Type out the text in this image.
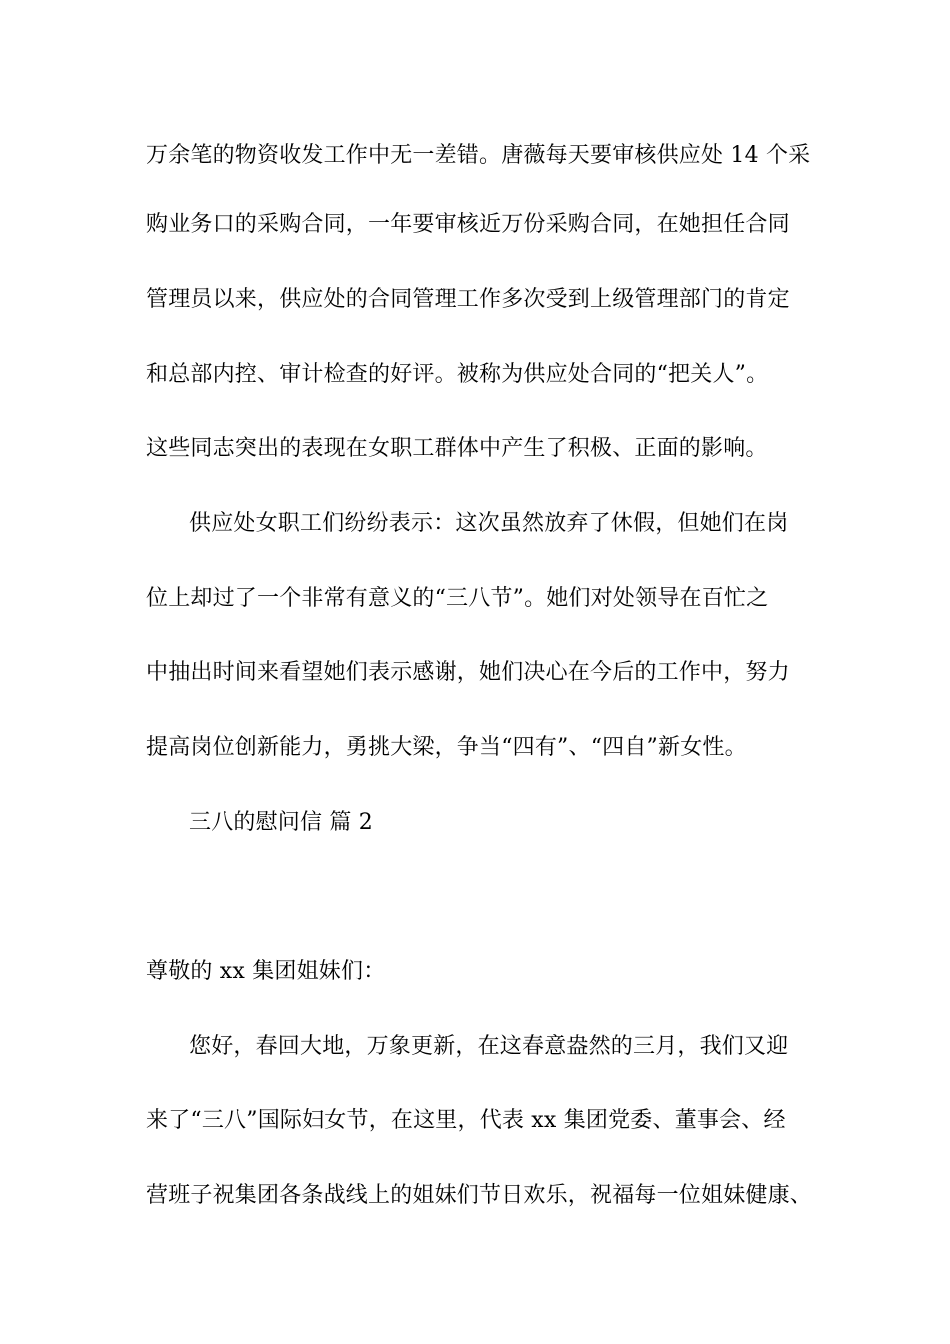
万余笔的物资收发工作中无一差错。唐薇每天要审核供应处 14 个采
购业务口的采购合同，一年要审核近万份采购合同，在她担任合同
管理员以来，供应处的合同管理工作多次受到上级管理部门的肯定
和总部内控、审计检查的好评。被称为供应处合同的“把关人”。
这些同志突出的表现在女职工群体中产生了积极、正面的影响。
供应处女职工们纷纷表示：这次虽然放弃了休假，但她们在岗
位上却过了一个非常有意义的“三八节”。她们对处领导在百忙之
中抽出时间来看望她们表示感谢，她们决心在今后的工作中，努力
提高岗位创新能力，勇挑大梁，争当“四有”、“四自”新女性。
三八的慰问信 篇 2
尊敬的 xx 集团姐妹们：
您好，春回大地，万象更新，在这春意盎然的三月，我们又迎
来了“三八”国际妇女节，在这里，代表 xx 集团党委、董事会、经
营班子祝集团各条战线上的姐妹们节日欢乐，祝福每一位姐妹健康、
